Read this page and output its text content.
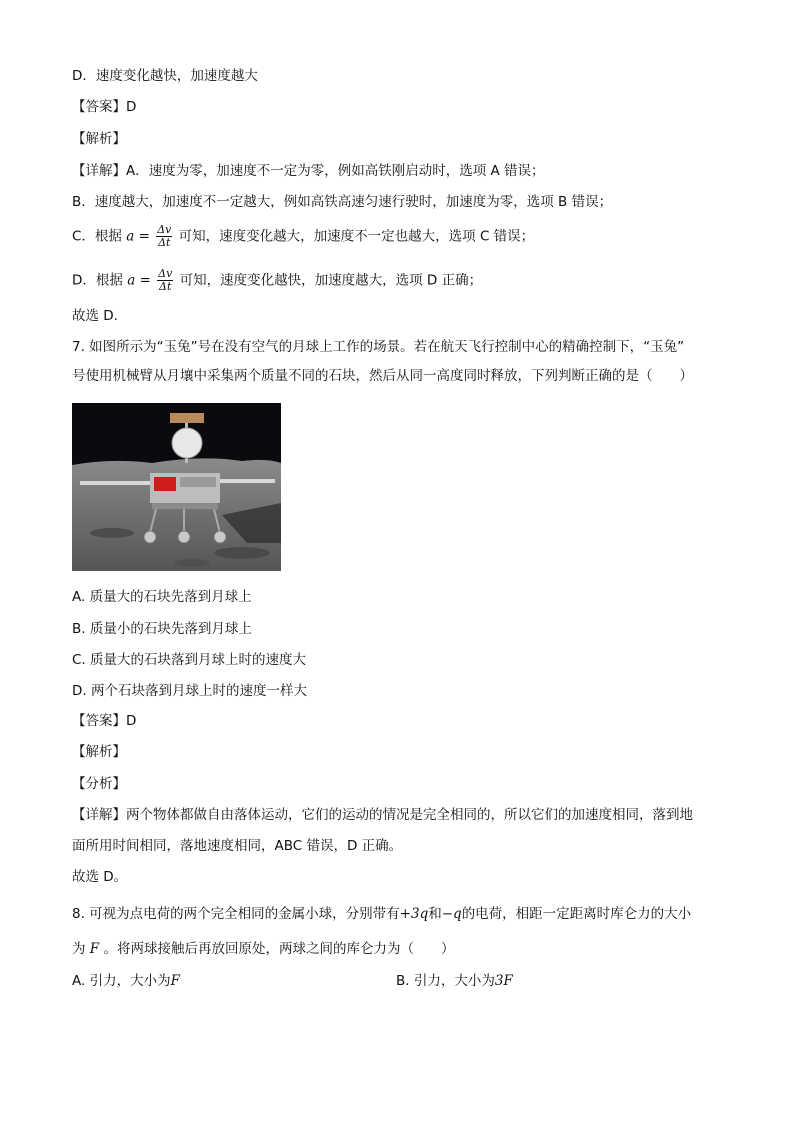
D．速度变化越快，加速度越大
【答案】D
【解析】
【详解】A．速度为零，加速度不一定为零，例如高铁刚启动时，选项 A 错误；
B．速度越大，加速度不一定越大，例如高铁高速匀速行驶时，加速度为零，选项 B 错误；
C．根据 $a = \frac{\Delta v}{\Delta t}$ 可知，速度变化越大，加速度不一定也越大，选项 C 错误；
D．根据 $a = \frac{\Delta v}{\Delta t}$ 可知，速度变化越快，加速度越大，选项 D 正确；
故选 D.
7. 如图所示为“玉兔”号在没有空气的月球上工作的场景。若在航天飞行控制中心的精确控制下，“玉兔”
号使用机械臂从月壤中采集两个质量不同的石块，然后从同一高度同时释放，下列判断正确的是（　　）
A. 质量大的石块先落到月球上
B. 质量小的石块先落到月球上
C. 质量大的石块落到月球上时的速度大
D. 两个石块落到月球上时的速度一样大
【答案】D
【解析】
【分析】
【详解】两个物体都做自由落体运动，它们的运动的情况是完全相同的，所以它们的加速度相同，落到地
面所用时间相同，落地速度相同，ABC 错误，D 正确。
故选 D。
8. 可视为点电荷的两个完全相同的金属小球，分别带有+3q和−q的电荷，相距一定距离时库仑力的大小
为 F 。将两球接触后再放回原处，两球之间的库仑力为（　　）
A. 引力，大小为F	B. 引力，大小为3F
